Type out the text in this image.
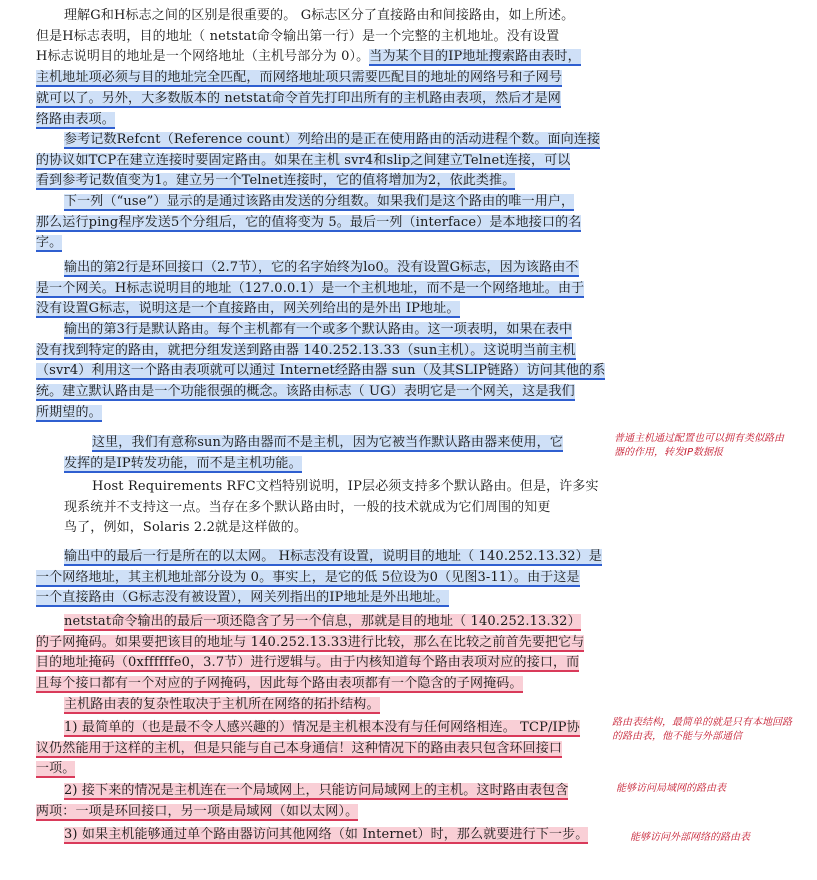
理解G和H标志之间的区别是很重要的。 G标志区分了直接路由和间接路由，如上所述。
但是H标志表明，目的地址（ netstat命令输出第一行）是一个完整的主机地址。没有设置
H标志说明目的地址是一个网络地址（主机号部分为 0）。当为某个目的IP地址搜索路由表时，
主机地址项必须与目的地址完全匹配，而网络地址项只需要匹配目的地址的网络号和子网号
就可以了。另外，大多数版本的 netstat命令首先打印出所有的主机路由表项，然后才是网
络路由表项。
参考记数Refcnt（Reference count）列给出的是正在使用路由的活动进程个数。面向连接
的协议如TCP在建立连接时要固定路由。如果在主机 svr4和slip之间建立Telnet连接，可以
看到参考记数值变为1。建立另一个Telnet连接时，它的值将增加为2，依此类推。
下一列（“use”）显示的是通过该路由发送的分组数。如果我们是这个路由的唯一用户，
那么运行ping程序发送5个分组后，它的值将变为 5。最后一列（interface）是本地接口的名
字。
输出的第2行是环回接口（2.7节），它的名字始终为lo0。没有设置G标志，因为该路由不
是一个网关。H标志说明目的地址（127.0.0.1）是一个主机地址，而不是一个网络地址。由于
没有设置G标志，说明这是一个直接路由，网关列给出的是外出 IP地址。
输出的第3行是默认路由。每个主机都有一个或多个默认路由。这一项表明，如果在表中
没有找到特定的路由，就把分组发送到路由器 140.252.13.33（sun主机）。这说明当前主机
（svr4）利用这一个路由表项就可以通过 Internet经路由器 sun（及其SLIP链路）访问其他的系
统。建立默认路由是一个功能很强的概念。该路由标志（ UG）表明它是一个网关，这是我们
所期望的。
这里，我们有意称sun为路由器而不是主机，因为它被当作默认路由器来使用，它
发挥的是IP转发功能，而不是主机功能。
Host Requirements RFC文档特别说明，IP层必须支持多个默认路由。但是，许多实
现系统并不支持这一点。当存在多个默认路由时，一般的技术就成为它们周围的知更
鸟了，例如，Solaris 2.2就是这样做的。
输出中的最后一行是所在的以太网。 H标志没有设置，说明目的地址（ 140.252.13.32）是
一个网络地址，其主机地址部分设为 0。事实上，是它的低 5位设为0（见图3-11）。由于这是
一个直接路由（G标志没有被设置），网关列指出的IP地址是外出地址。
netstat命令输出的最后一项还隐含了另一个信息，那就是目的地址（ 140.252.13.32）
的子网掩码。如果要把该目的地址与 140.252.13.33进行比较，那么在比较之前首先要把它与
目的地址掩码（0xffffffe0，3.7节）进行逻辑与。由于内核知道每个路由表项对应的接口，而
且每个接口都有一个对应的子网掩码，因此每个路由表项都有一个隐含的子网掩码。
主机路由表的复杂性取决于主机所在网络的拓扑结构。
1) 最简单的（也是最不令人感兴趣的）情况是主机根本没有与任何网络相连。 TCP/IP协
议仍然能用于这样的主机，但是只能与自己本身通信！这种情况下的路由表只包含环回接口
一项。
2) 接下来的情况是主机连在一个局域网上，只能访问局域网上的主机。这时路由表包含
两项：一项是环回接口，另一项是局域网（如以太网）。
3) 如果主机能够通过单个路由器访问其他网络（如 Internet）时，那么就要进行下一步。
普通主机通过配置也可以拥有类似路由
器的作用，转发IP数据报
路由表结构，最简单的就是只有本地回路
的路由表，他不能与外部通信
能够访问局域网的路由表
能够访问外部网络的路由表
